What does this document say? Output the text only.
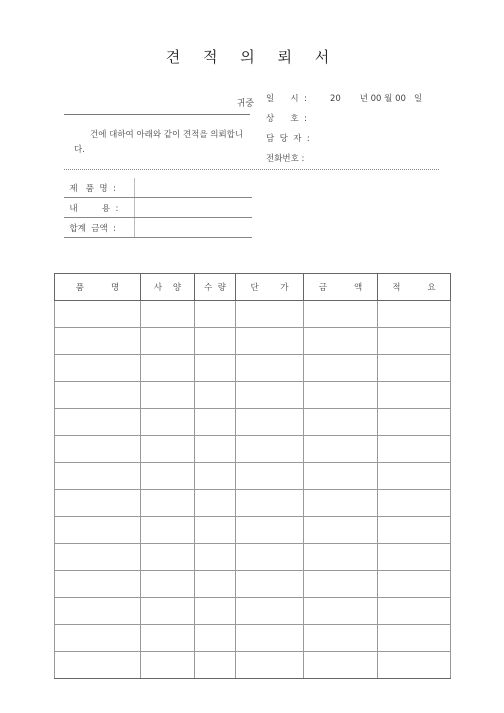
견 적 의 뢰 서
귀중
건에 대하여 아래와 같이 견적을 의뢰합니다.
일      시  :	20       년 00 월 00   일
상      호  :
담  당  자  :
전화번호 :
제   품  명  :
내         용  :
합계  금액  :
품          명	사    양	수  량	단        가	금          액	적          요
